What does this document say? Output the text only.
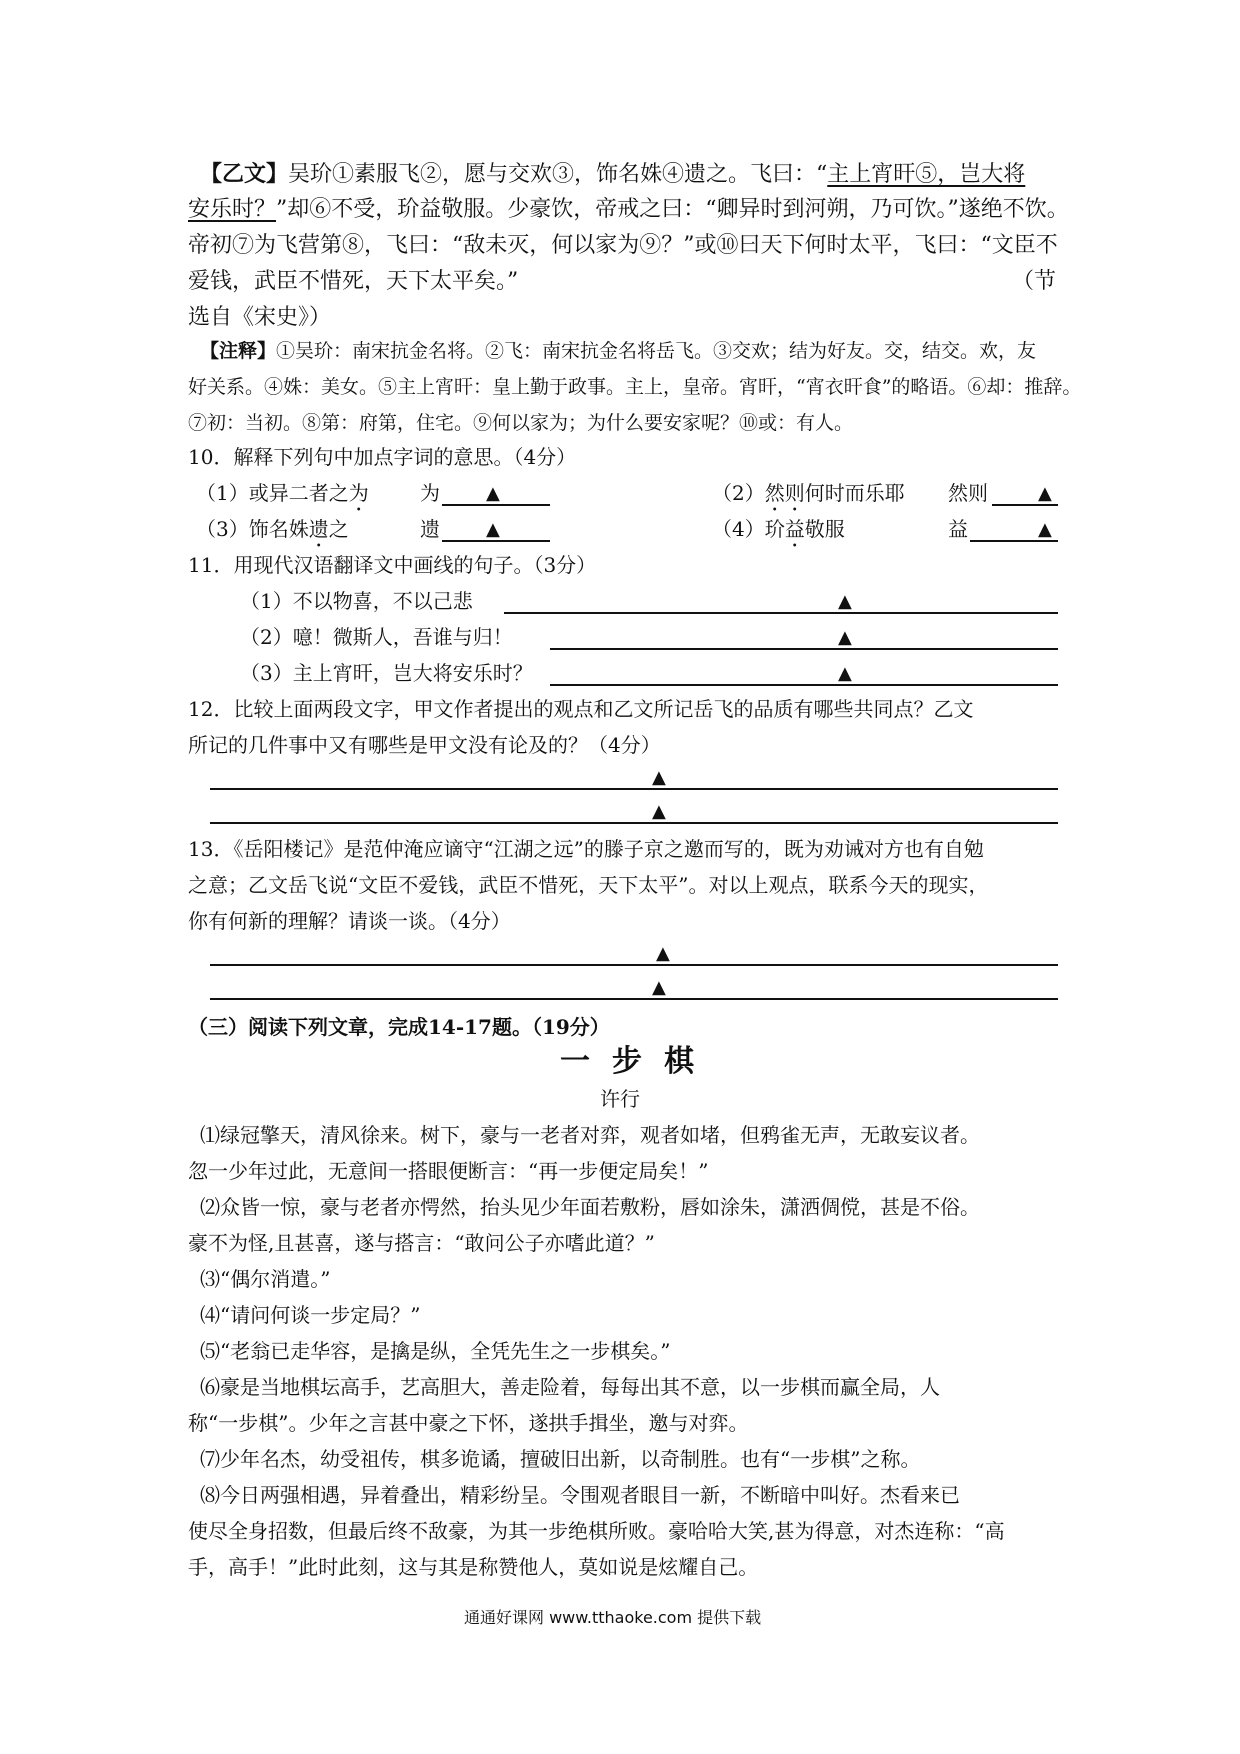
【乙文】吴玠①素服飞②，愿与交欢③，饰名姝④遗之。飞曰：“主上宵旰⑤，岂大将
安乐时？”却⑥不受，玠益敬服。少豪饮，帝戒之曰：“卿异时到河朔，乃可饮。”遂绝不饮。
帝初⑦为飞营第⑧，飞曰：“敌未灭，何以家为⑨？”或⑩曰天下何时太平，飞曰：“文臣不
爱钱，武臣不惜死，天下太平矣。”	（节
选自《宋史》）
【注释】①吴玠：南宋抗金名将。②飞：南宋抗金名将岳飞。③交欢；结为好友。交，结交。欢，友
好关系。④姝：美女。⑤主上宵旰：皇上勤于政事。主上，皇帝。宵旰，“宵衣旰食”的略语。⑥却：推辞。
⑦初：当初。⑧第：府第，住宅。⑨何以家为；为什么要安家呢？⑩或：有人。
10．解释下列句中加点字词的意思。（4分）
（1）或异二者之为	为	▲	（2）然则何时而乐耶 然则	▲
（3）饰名姝遗之	遗	▲	（4）玠益敬服	益	▲
11．用现代汉语翻译文中画线的句子。（3分）
（1）不以物喜，不以己悲	▲
（2）噫！微斯人，吾谁与归！	▲
（3）主上宵旰，岂大将安乐时？	▲
12．比较上面两段文字，甲文作者提出的观点和乙文所记岳飞的品质有哪些共同点？乙文
所记的几件事中又有哪些是甲文没有论及的？（4分）
▲
▲
13．《岳阳楼记》是范仲淹应谪守“江湖之远”的滕子京之邀而写的，既为劝诫对方也有自勉
之意；乙文岳飞说“文臣不爱钱，武臣不惜死，天下太平”。对以上观点，联系今天的现实，
你有何新的理解？请谈一谈。（4分）
▲
▲
（三）阅读下列文章，完成14-17题。（19分）
一步棋
许行
⑴绿冠擎天，清风徐来。树下，豪与一老者对弈，观者如堵，但鸦雀无声，无敢妄议者。
忽一少年过此，无意间一搭眼便断言：“再一步便定局矣！”
⑵众皆一惊，豪与老者亦愕然，抬头见少年面若敷粉，唇如涂朱，潇洒倜傥，甚是不俗。
豪不为怪,且甚喜，遂与搭言：“敢问公子亦嗜此道？”
⑶“偶尔消遣。”
⑷“请问何谈一步定局？”
⑸“老翁已走华容，是擒是纵，全凭先生之一步棋矣。”
⑹豪是当地棋坛高手，艺高胆大，善走险着，每每出其不意，以一步棋而赢全局，人
称“一步棋”。少年之言甚中豪之下怀，遂拱手揖坐，邀与对弈。
⑺少年名杰，幼受祖传，棋多诡谲，擅破旧出新，以奇制胜。也有“一步棋”之称。
⑻今日两强相遇，异着叠出，精彩纷呈。令围观者眼目一新，不断暗中叫好。杰看来已
使尽全身招数，但最后终不敌豪，为其一步绝棋所败。豪哈哈大笑,甚为得意，对杰连称：“高
手，高手！”此时此刻，这与其是称赞他人，莫如说是炫耀自己。
通通好课网 www.tthaoke.com 提供下载
